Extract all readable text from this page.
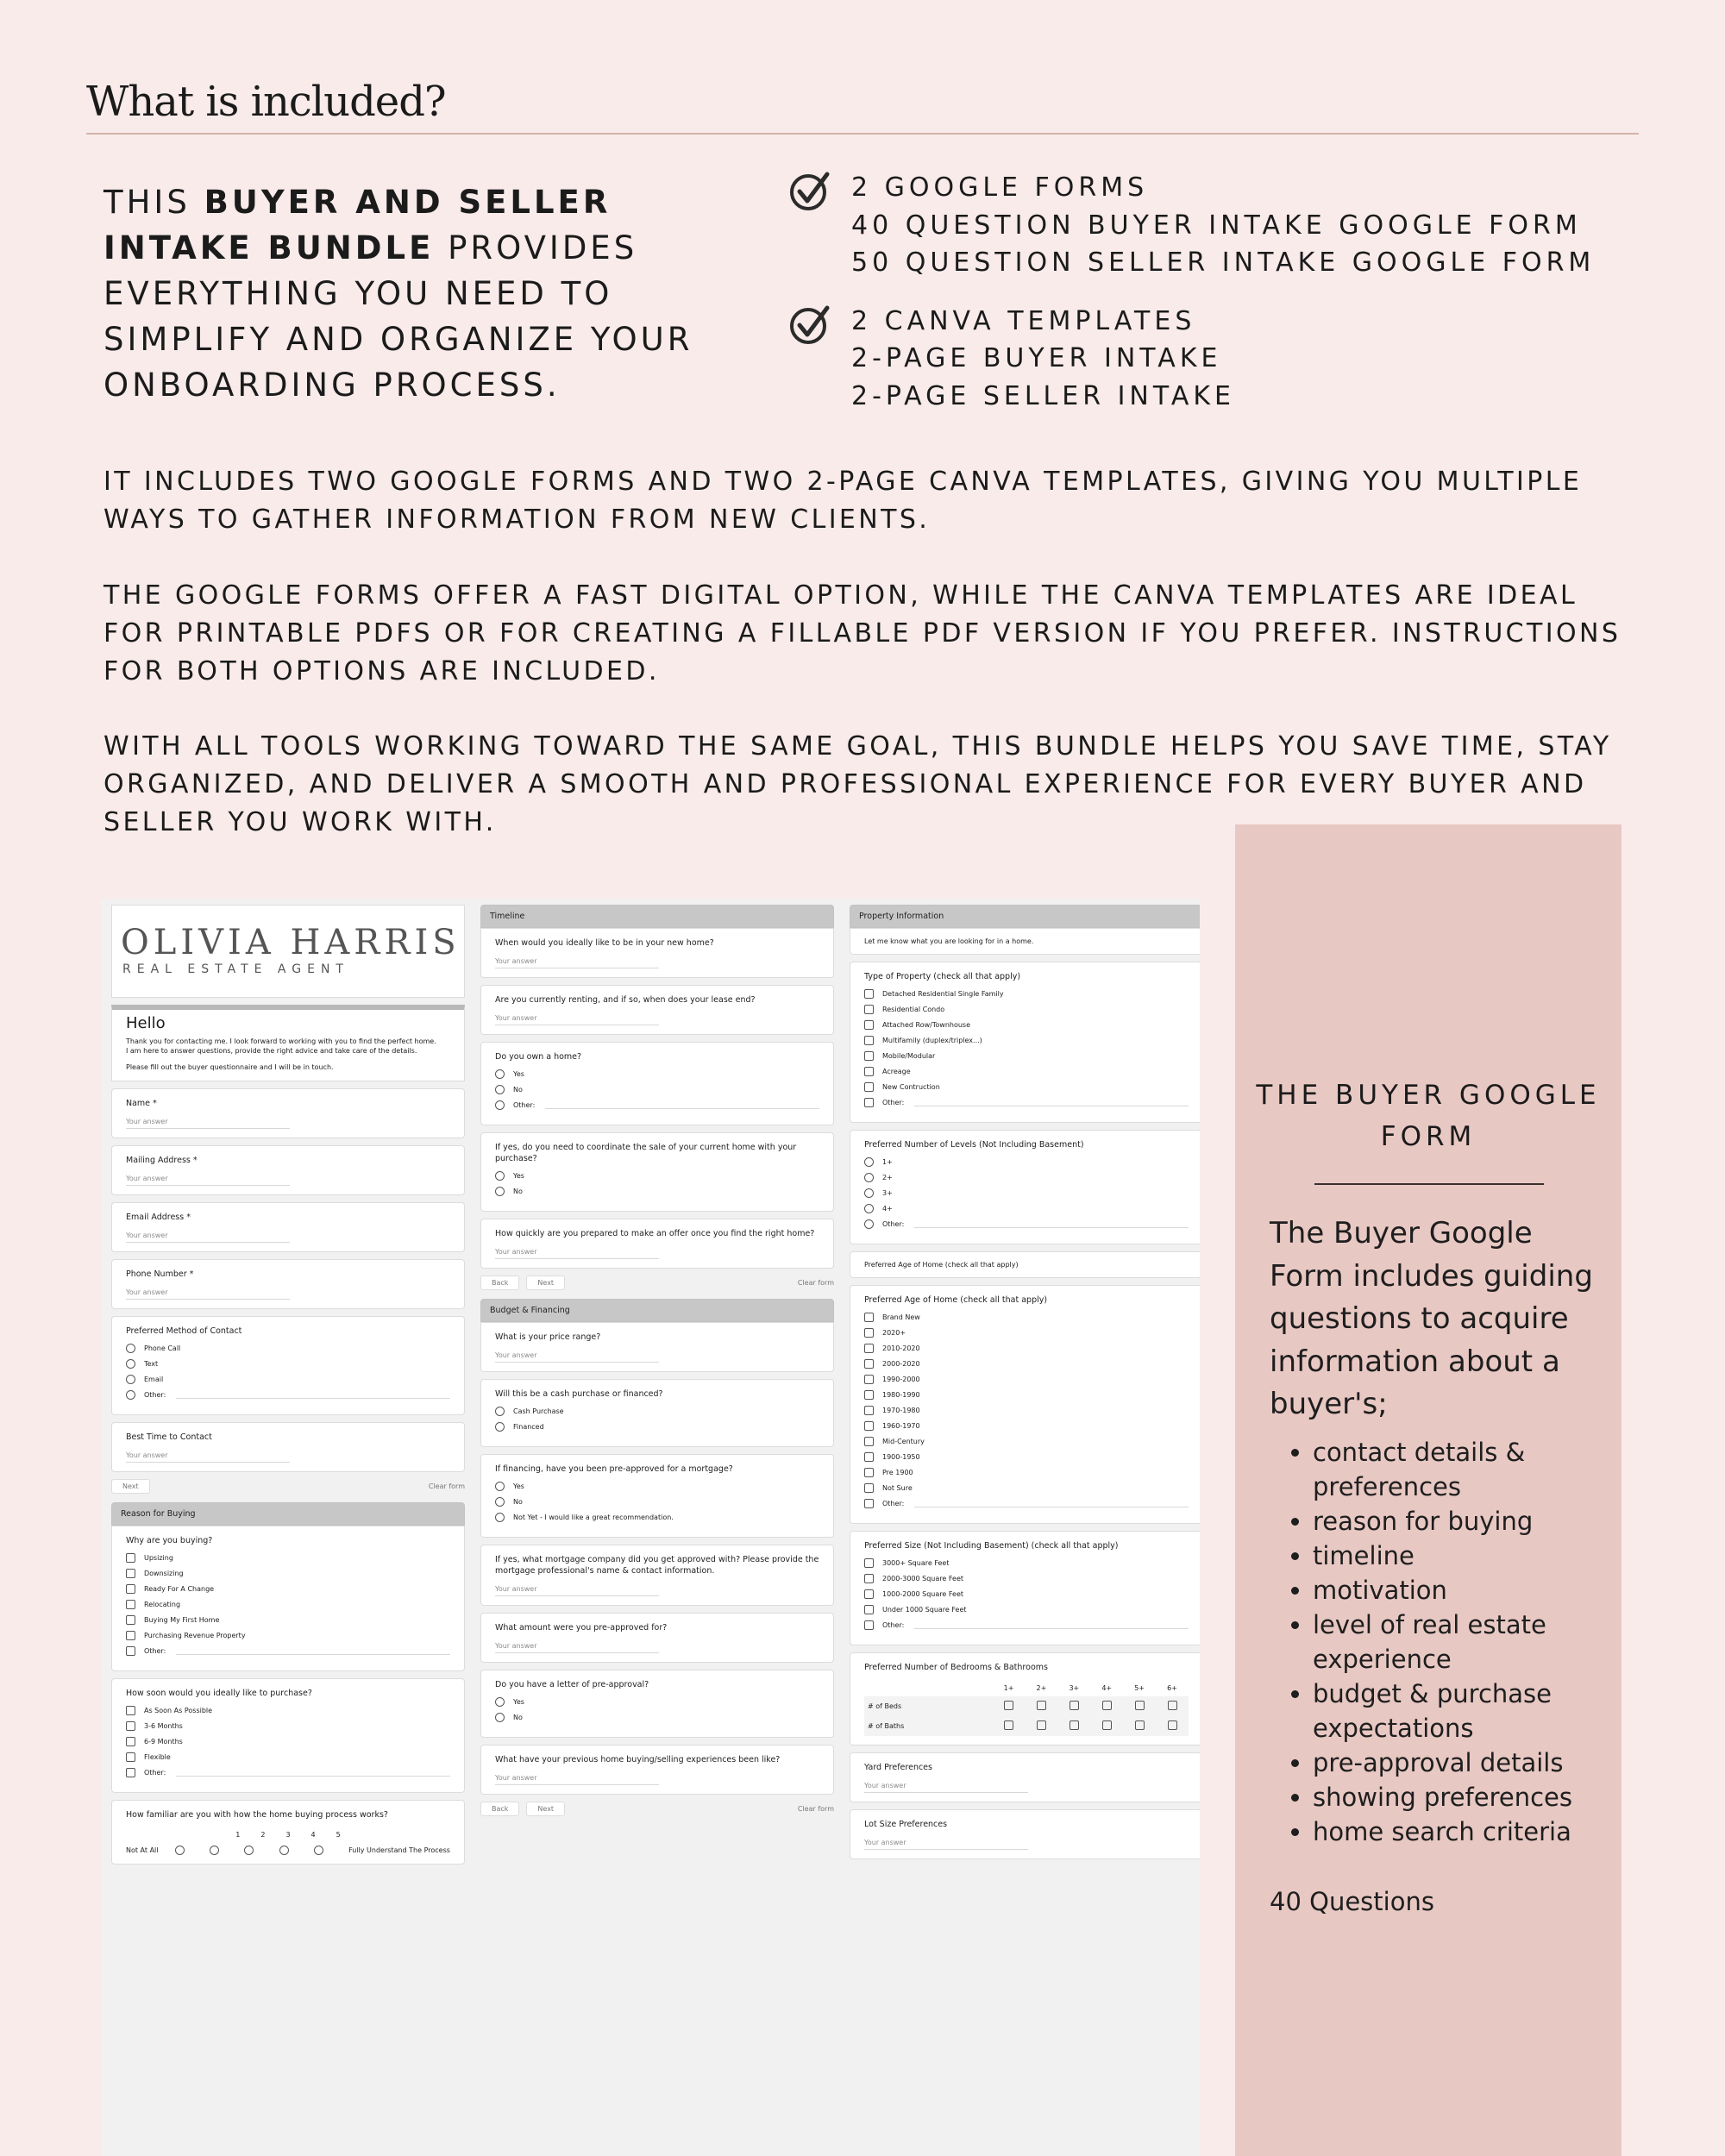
What is included?
THIS BUYER AND SELLER INTAKE BUNDLE PROVIDES EVERYTHING YOU NEED TO SIMPLIFY AND ORGANIZE YOUR ONBOARDING PROCESS.
2 GOOGLE FORMS
40 QUESTION BUYER INTAKE GOOGLE FORM
50 QUESTION SELLER INTAKE GOOGLE FORM
2 CANVA TEMPLATES
2-PAGE BUYER INTAKE
2-PAGE SELLER INTAKE
IT INCLUDES TWO GOOGLE FORMS AND TWO 2-PAGE CANVA TEMPLATES, GIVING YOU MULTIPLE WAYS TO GATHER INFORMATION FROM NEW CLIENTS.
THE GOOGLE FORMS OFFER A FAST DIGITAL OPTION, WHILE THE CANVA TEMPLATES ARE IDEAL FOR PRINTABLE PDFS OR FOR CREATING A FILLABLE PDF VERSION IF YOU PREFER. INSTRUCTIONS FOR BOTH OPTIONS ARE INCLUDED.
WITH ALL TOOLS WORKING TOWARD THE SAME GOAL, THIS BUNDLE HELPS YOU SAVE TIME, STAY ORGANIZED, AND DELIVER A SMOOTH AND PROFESSIONAL EXPERIENCE FOR EVERY BUYER AND SELLER YOU WORK WITH.
OLIVIA HARRIS
REAL ESTATE AGENT
Hello
Thank you for contacting me. I look forward to working with you to find the perfect home.
I am here to answer questions, provide the right advice and take care of the details.
Please fill out the buyer questionnaire and I will be in touch.
Name *
Your answer
Mailing Address *
Your answer
Email Address *
Your answer
Phone Number *
Your answer
Preferred Method of Contact
Phone Call
Text
Email
Other:
Best Time to Contact
Your answer
Next	Clear form
Reason for Buying
Why are you buying?
Upsizing
Downsizing
Ready For A Change
Relocating
Buying My First Home
Purchasing Revenue Property
Other:
How soon would you ideally like to purchase?
As Soon As Possible
3-6 Months
6-9 Months
Flexible
Other:
How familiar are you with how the home buying process works?
1	2	3	4	5
Not At All	Fully Understand The Process
Timeline
When would you ideally like to be in your new home?
Your answer
Are you currently renting, and if so, when does your lease end?
Your answer
Do you own a home?
Yes
No
Other:
If yes, do you need to coordinate the sale of your current home with your purchase?
Yes
No
How quickly are you prepared to make an offer once you find the right home?
Your answer
Back	Next	Clear form
Budget & Financing
What is your price range?
Your answer
Will this be a cash purchase or financed?
Cash Purchase
Financed
If financing, have you been pre-approved for a mortgage?
Yes
No
Not Yet - I would like a great recommendation.
If yes, what mortgage company did you get approved with? Please provide the mortgage professional's name & contact information.
Your answer
What amount were you pre-approved for?
Your answer
Do you have a letter of pre-approval?
Yes
No
What have your previous home buying/selling experiences been like?
Your answer
Back	Next	Clear form
Property Information
Let me know what you are looking for in a home.
Type of Property (check all that apply)
Detached Residential Single Family
Residential Condo
Attached Row/Townhouse
Multifamily (duplex/triplex...)
Mobile/Modular
Acreage
New Contruction
Other:
Preferred Number of Levels (Not Including Basement)
1+
2+
3+
4+
Other:
Preferred Age of Home (check all that apply)
Preferred Age of Home (check all that apply)
Brand New
2020+
2010-2020
2000-2020
1990-2000
1980-1990
1970-1980
1960-1970
Mid-Century
1900-1950
Pre 1900
Not Sure
Other:
Preferred Size (Not Including Basement) (check all that apply)
3000+ Square Feet
2000-3000 Square Feet
1000-2000 Square Feet
Under 1000 Square Feet
Other:
Preferred Number of Bedrooms & Bathrooms
	1+	2+	3+	4+	5+	6+
# of Beds						
# of Baths						
Yard Preferences
Your answer
Lot Size Preferences
Your answer
THE BUYER GOOGLE FORM
The Buyer Google Form includes guiding questions to acquire information about a buyer's;
• contact details & preferences
• reason for buying
• timeline
• motivation
• level of real estate experience
• budget & purchase expectations
• pre-approval details
• showing preferences
• home search criteria
40 Questions
